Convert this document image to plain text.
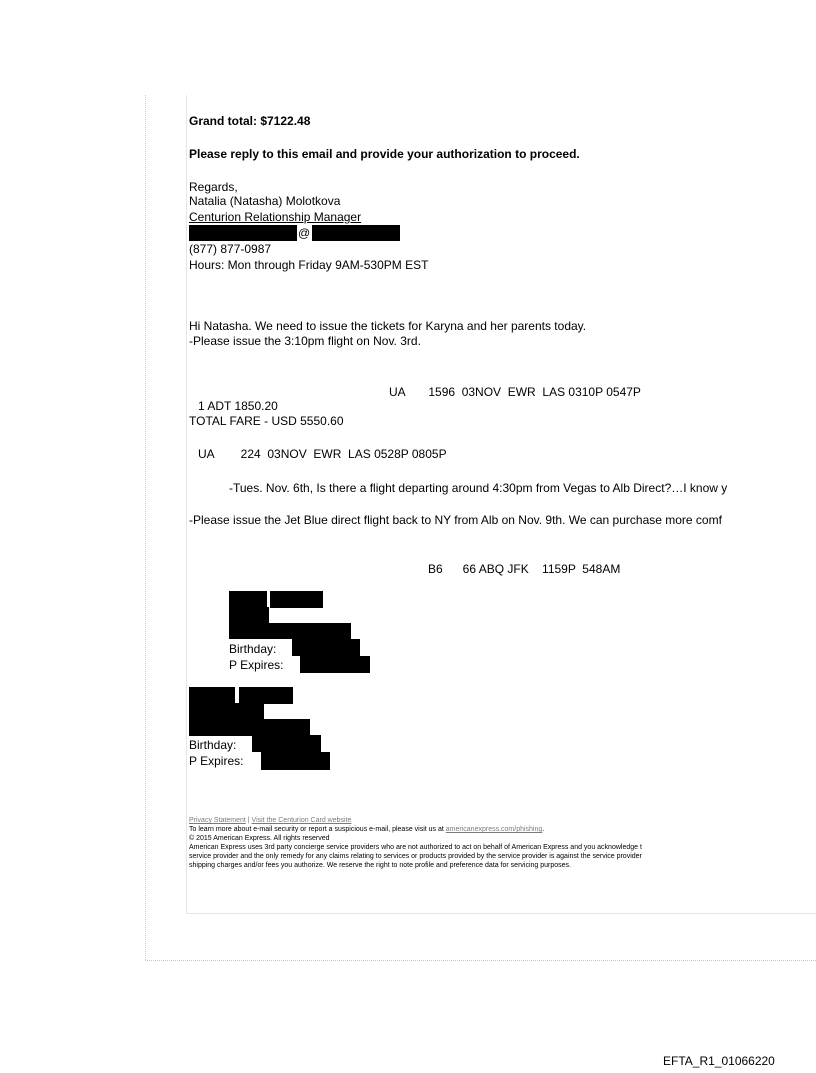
Grand total: $7122.48
Please reply to this email and provide your authorization to proceed.
Regards,
Natalia (Natasha) Molotkova
Centurion Relationship Manager
@
(877) 877-0987
Hours: Mon through Friday 9AM-530PM EST
Hi Natasha. We need to issue the tickets for Karyna and her parents today.
-Please issue the 3:10pm flight on Nov. 3rd.
UA       1596  03NOV  EWR  LAS 0310P 0547P
1 ADT 1850.20
TOTAL FARE - USD 5550.60
UA        224  03NOV  EWR  LAS 0528P 0805P
-Tues. Nov. 6th, Is there a flight departing around 4:30pm from Vegas to Alb Direct?…I know y
-Please issue the Jet Blue direct flight back to NY from Alb on Nov. 9th. We can purchase more comf
B6      66 ABQ JFK    1159P  548AM
Birthday:
P Expires:
Birthday:
P Expires:
Privacy Statement | Visit the Centurion Card website
To learn more about e-mail security or report a suspicious e-mail, please visit us at americanexpress.com/phishing.
© 2015 American Express. All rights reserved
American Express uses 3rd party concierge service providers who are not authorized to act on behalf of American Express and you acknowledge t
service provider and the only remedy for any claims relating to services or products provided by the service provider is against the service provider
shipping charges and/or fees you authorize. We reserve the right to note profile and preference data for servicing purposes.
EFTA_R1_01066220
